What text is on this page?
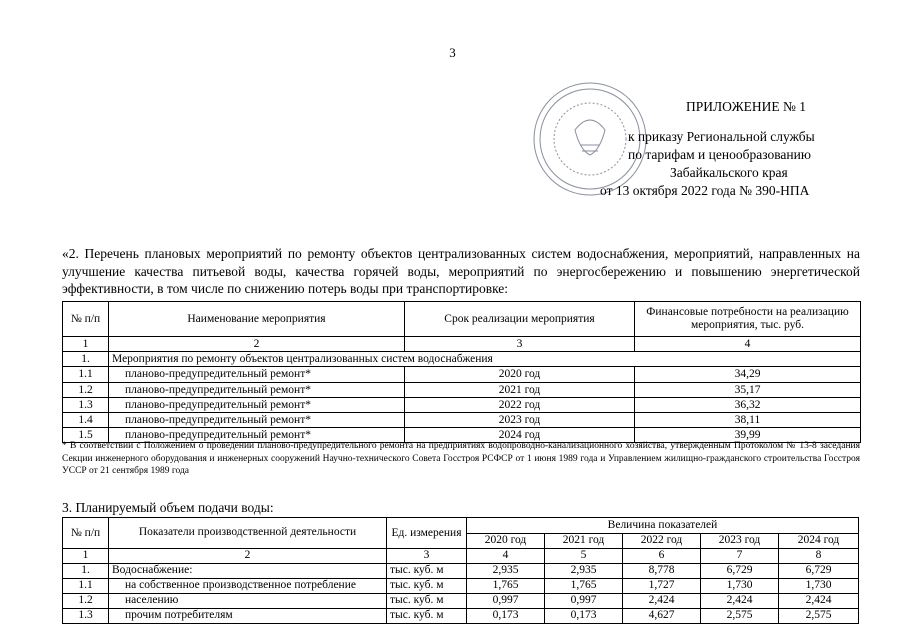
3
ПРИЛОЖЕНИЕ № 1
к приказу Региональной службы
по тарифам и ценообразованию
Забайкальского края
от 13 октября 2022 года № 390-НПА
«2. Перечень плановых мероприятий по ремонту объектов централизованных систем водоснабжения, мероприятий, направленных на улучшение качества питьевой воды, качества горячей воды, мероприятий по энергосбережению и повышению энергетической эффективности, в том числе по снижению потерь воды при транспортировке:
№ п/п	Наименование мероприятия	Срок реализации мероприятия	Финансовые потребности на реализацию мероприятия, тыс. руб.
1	2	3	4
1.	Мероприятия по ремонту объектов централизованных систем водоснабжения		
1.1	планово-предупредительный ремонт*	2020 год	34,29
1.2	планово-предупредительный ремонт*	2021 год	35,17
1.3	планово-предупредительный ремонт*	2022 год	36,32
1.4	планово-предупредительный ремонт*	2023 год	38,11
1.5	планово-предупредительный ремонт*	2024 год	39,99
* В соответствии с Положением о проведении планово-предупредительного ремонта на предприятиях водопроводно-канализационного хозяйства, утвержденным Протоколом № 13-8 заседания Секции инженерного оборудования и инженерных сооружений Научно-технического Совета Госстроя РСФСР от 1 июня 1989 года и Управлением жилищно-гражданского строительства Госстроя УССР от 21 сентября 1989 года
3. Планируемый объем подачи воды:
№ п/п	Показатели производственной деятельности	Ед. измерения	Величина показателей				
			2020 год	2021 год	2022 год	2023 год	2024 год
1	2	3	4	5	6	7	8
1.	Водоснабжение:	тыс. куб. м	2,935	2,935	8,778	6,729	6,729
1.1	на собственное производственное потребление	тыс. куб. м	1,765	1,765	1,727	1,730	1,730
1.2	населению	тыс. куб. м	0,997	0,997	2,424	2,424	2,424
1.3	прочим потребителям	тыс. куб. м	0,173	0,173	4,627	2,575	2,575
